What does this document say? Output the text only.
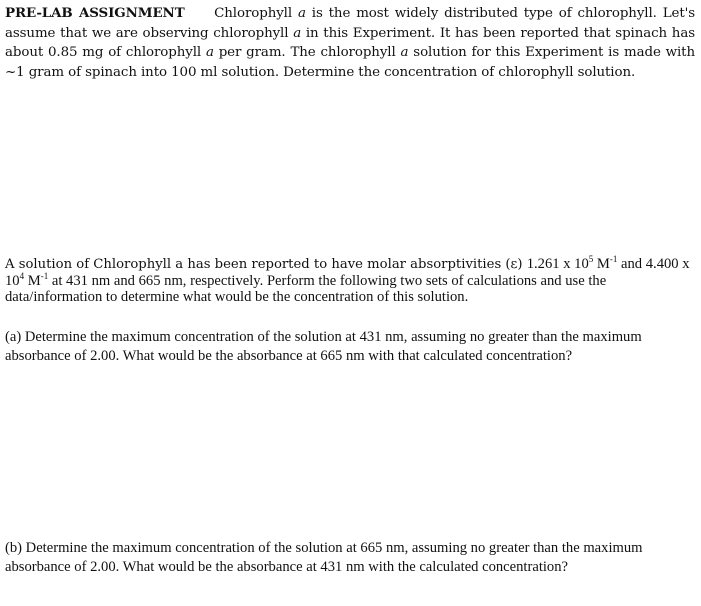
PRE-LAB ASSIGNMENT Chlorophyll a is the most widely distributed type of chlorophyll. Let's assume that we are observing chlorophyll a in this Experiment. It has been reported that spinach has about 0.85 mg of chlorophyll a per gram. The chlorophyll a solution for this Experiment is made with ~1 gram of spinach into 100 ml solution. Determine the concentration of chlorophyll solution.

A solution of Chlorophyll a has been reported to have molar absorptivities (ε) 1.261 x $10^5$ $M^{-1}$ and 4.400 x $10^4$ $M^{-1}$ at 431 nm and 665 nm, respectively. Perform the following two sets of calculations and use the data/information to determine what would be the concentration of this solution.

(a) Determine the maximum concentration of the solution at 431 nm, assuming no greater than the maximum absorbance of 2.00. What would be the absorbance at 665 nm with that calculated concentration?

(b) Determine the maximum concentration of the solution at 665 nm, assuming no greater than the maximum absorbance of 2.00. What would be the absorbance at 431 nm with the calculated concentration?
